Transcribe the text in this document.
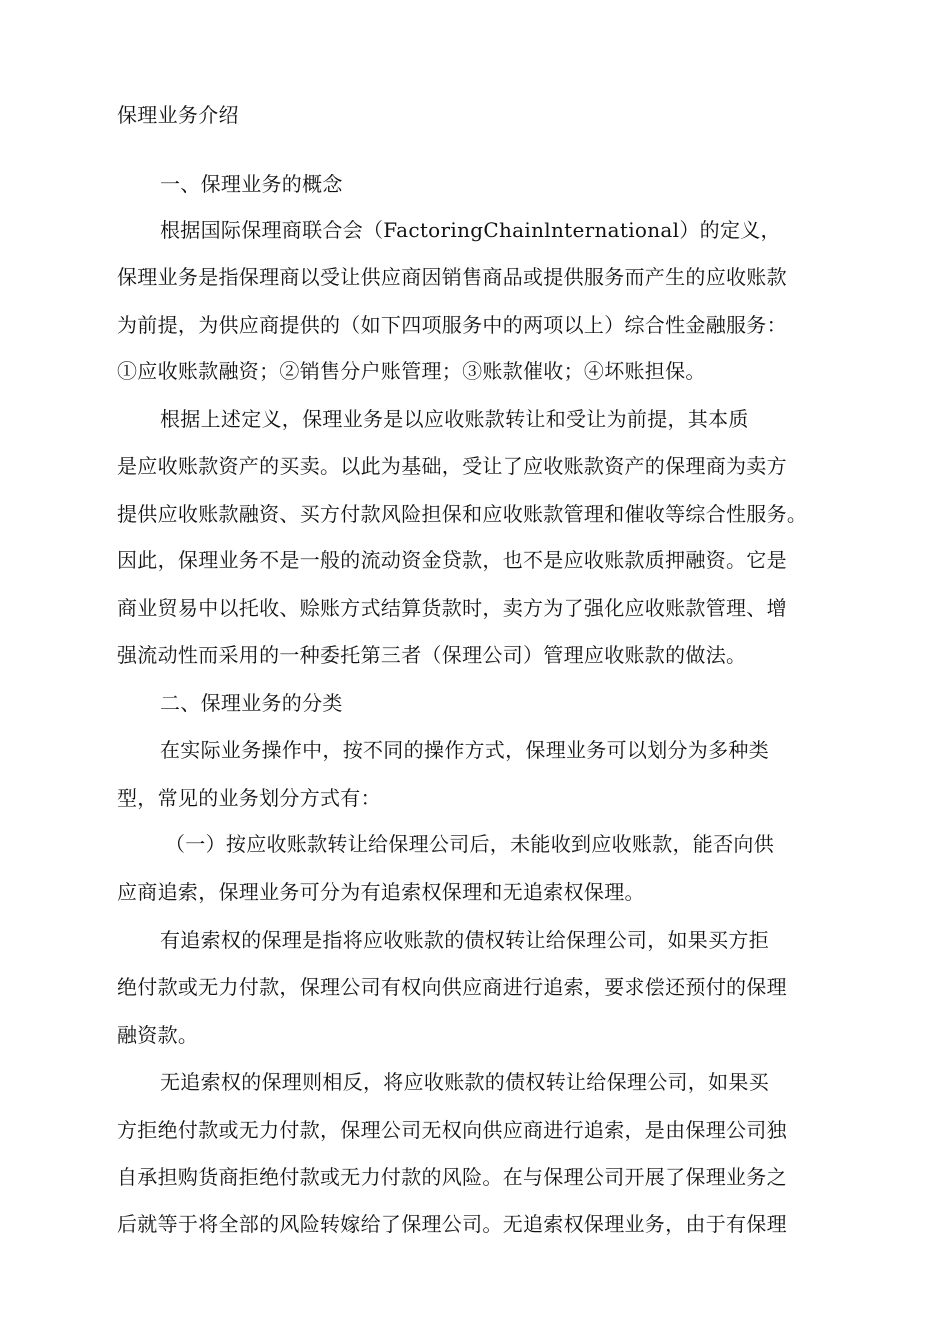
保理业务介绍
一、保理业务的概念
根据国际保理商联合会（FactoringChainlnternational）的定义，
保理业务是指保理商以受让供应商因销售商品或提供服务而产生的应收账款
为前提，为供应商提供的（如下四项服务中的两项以上）综合性金融服务：
①应收账款融资；②销售分户账管理；③账款催收；④坏账担保。
根据上述定义，保理业务是以应收账款转让和受让为前提，其本质
是应收账款资产的买卖。以此为基础，受让了应收账款资产的保理商为卖方
提供应收账款融资、买方付款风险担保和应收账款管理和催收等综合性服务。
因此，保理业务不是一般的流动资金贷款，也不是应收账款质押融资。它是
商业贸易中以托收、赊账方式结算货款时，卖方为了强化应收账款管理、增
强流动性而采用的一种委托第三者（保理公司）管理应收账款的做法。
二、保理业务的分类
在实际业务操作中，按不同的操作方式，保理业务可以划分为多种类
型，常见的业务划分方式有：
（一）按应收账款转让给保理公司后，未能收到应收账款，能否向供
应商追索，保理业务可分为有追索权保理和无追索权保理。
有追索权的保理是指将应收账款的债权转让给保理公司，如果买方拒
绝付款或无力付款，保理公司有权向供应商进行追索，要求偿还预付的保理
融资款。
无追索权的保理则相反，将应收账款的债权转让给保理公司，如果买
方拒绝付款或无力付款，保理公司无权向供应商进行追索，是由保理公司独
自承担购货商拒绝付款或无力付款的风险。在与保理公司开展了保理业务之
后就等于将全部的风险转嫁给了保理公司。无追索权保理业务，由于有保理
